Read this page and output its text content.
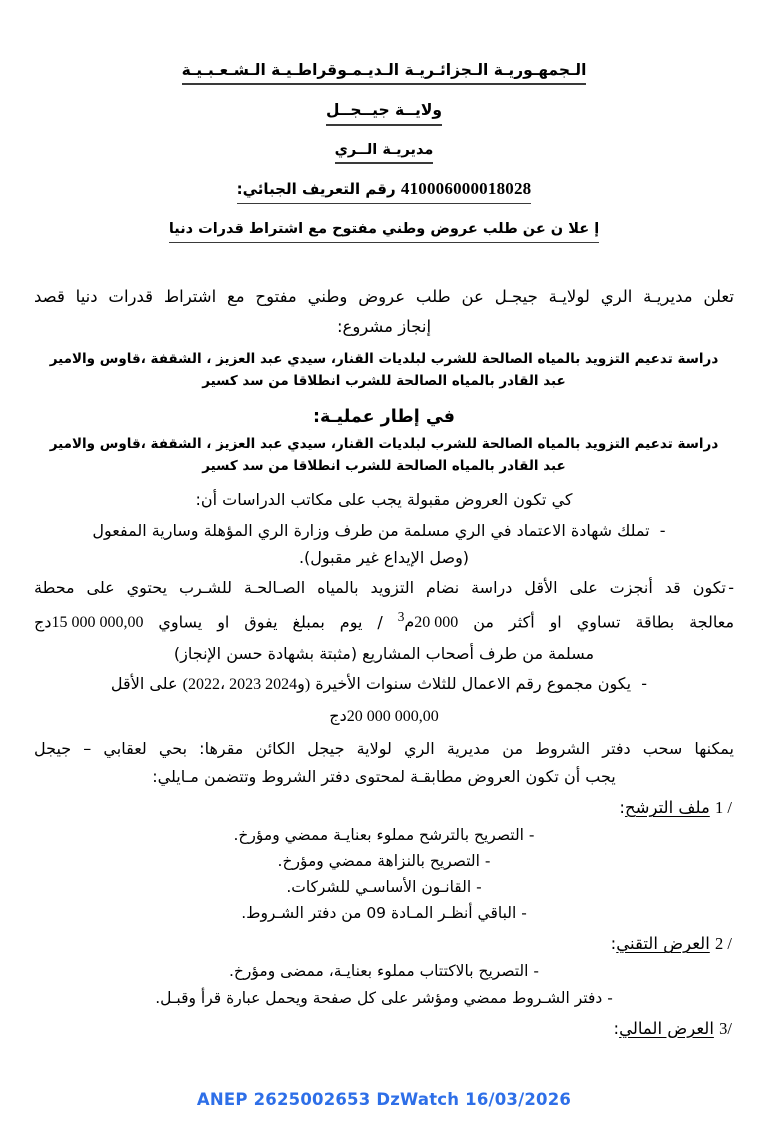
الـجمهـوريـة الـجزائـريـة الـديـمـوقراطـيـة الـشـعـبـيـة
ولايــة جيــجــل
مديريـة الــري
410006000018028 رقم التعريف الجبائي:
إ علا ن عن طلب عروض وطني مفتوح مع اشتراط قدرات دنيا
تعلن مديريـة الري لولايـة جيجـل عن طلب عروض وطني مفتوح مع اشتراط قدرات دنيا قصد
إنجاز مشروع:
دراسة تدعيم التزويد بالمياه الصالحة للشرب لبلديات القنار، سيدي عبد العزيز ، الشقفة ،قاوس والامير
عبد القادر بالمياه الصالحة للشرب انطلاقا من سد كسير
في إطار عمليـة:
دراسة تدعيم التزويد بالمياه الصالحة للشرب لبلديات القنار، سيدي عبد العزيز ، الشقفة ،قاوس والامير
عبد القادر بالمياه الصالحة للشرب انطلاقا من سد كسير
كي تكون العروض مقبولة يجب على مكاتب الدراسات أن:
-تملك شهادة الاعتماد في الري مسلمة من طرف وزارة الري المؤهلة وسارية المفعول
(وصل الإيداع غير مقبول).
-تكون قد أنجزت على الأقل دراسة نضام التزويد بالمياه الصـالحـة للشـرب يحتوي على محطة
معالجة بطاقة تساوي او أكثر من 20 000م$^3$ / يوم بمبلغ يفوق او يساوي 15 000 000,00دج
مسلمة من طرف أصحاب المشاريع (مثبتة بشهادة حسن الإنجاز)
-يكون مجموع رقم الاعمال للثلاث سنوات الأخيرة (2022، 2023 و2024) على الأقل
20 000 000,00دج
يمكنها سحب دفتر الشروط من مديرية الري لولاية جيجل الكائن مقرها: بحي لعقابي – جيجل
يجب أن تكون العروض مطابقـة لمحتوى دفتر الشروط وتتضمن مـايلي:
1 / ملف الترشح:
- التصريح بالترشح مملوء بعنايـة ممضي ومؤرخ.
- التصريح بالنزاهة ممضي ومؤرخ.
- القانـون الأساسـي للشركات.
- الباقي أنظـر المـادة 09 من دفتر الشـروط.
2 / العرض التقني:
- التصريح بالاكتتاب مملوء بعنايـة، ممضى ومؤرخ.
- دفتر الشـروط ممضي ومؤشر على كل صفحة ويحمل عبارة قرأ وقبـل.
3/ العرض المالي:
ANEP 2625002653 DzWatch 16/03/2026
